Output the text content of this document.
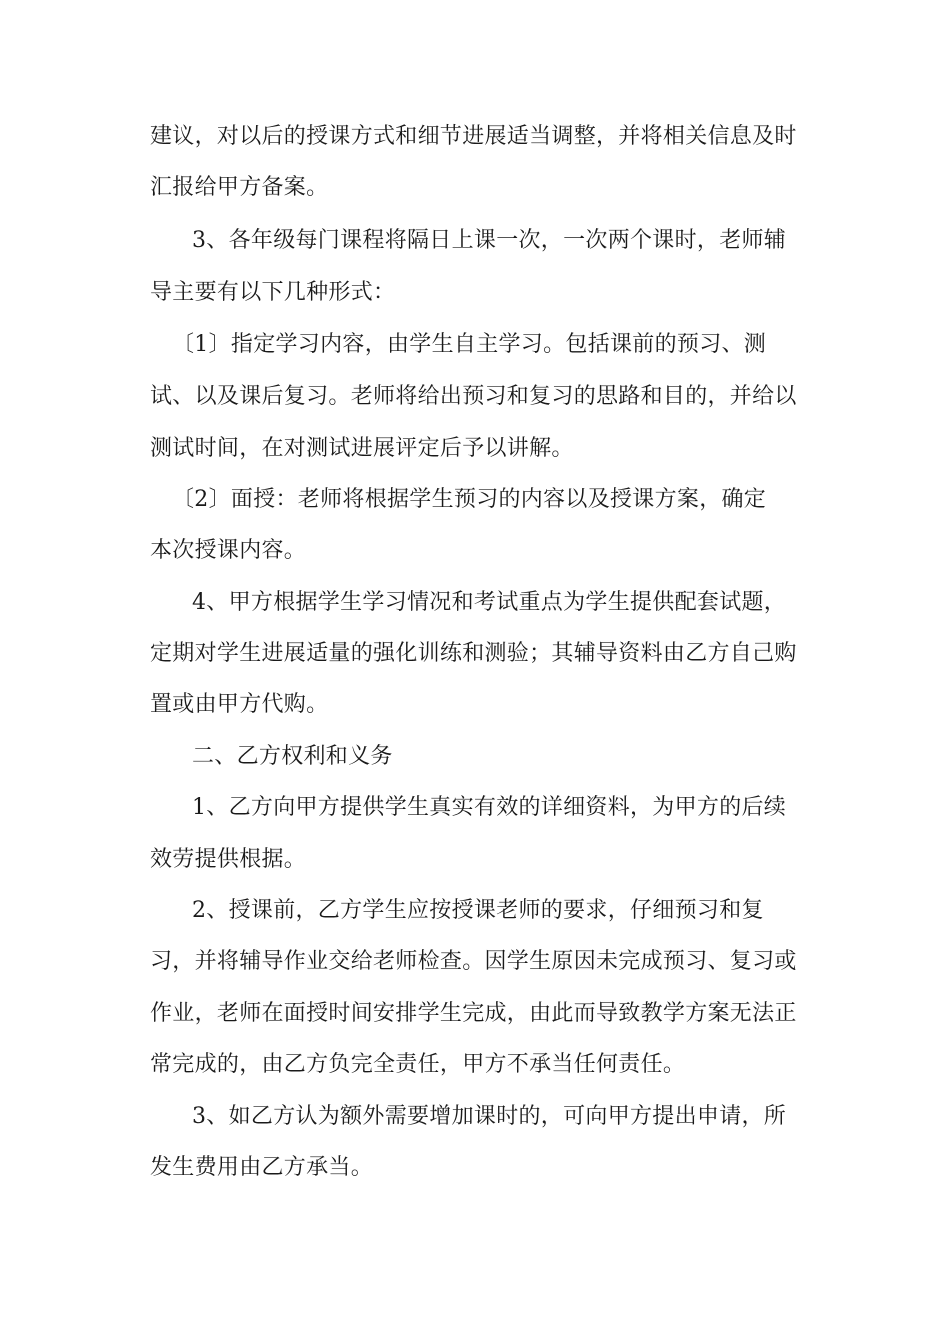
建议，对以后的授课方式和细节进展适当调整，并将相关信息及时
汇报给甲方备案。
3、各年级每门课程将隔日上课一次，一次两个课时，老师辅
导主要有以下几种形式：
〔1〕指定学习内容，由学生自主学习。包括课前的预习、测
试、以及课后复习。老师将给出预习和复习的思路和目的，并给以
测试时间，在对测试进展评定后予以讲解。
〔2〕面授：老师将根据学生预习的内容以及授课方案，确定
本次授课内容。
4、甲方根据学生学习情况和考试重点为学生提供配套试题，
定期对学生进展适量的强化训练和测验；其辅导资料由乙方自己购
置或由甲方代购。
二、乙方权利和义务
1、乙方向甲方提供学生真实有效的详细资料，为甲方的后续
效劳提供根据。
2、授课前，乙方学生应按授课老师的要求，仔细预习和复
习，并将辅导作业交给老师检查。因学生原因未完成预习、复习或
作业，老师在面授时间安排学生完成，由此而导致教学方案无法正
常完成的，由乙方负完全责任，甲方不承当任何责任。
3、如乙方认为额外需要增加课时的，可向甲方提出申请，所
发生费用由乙方承当。
